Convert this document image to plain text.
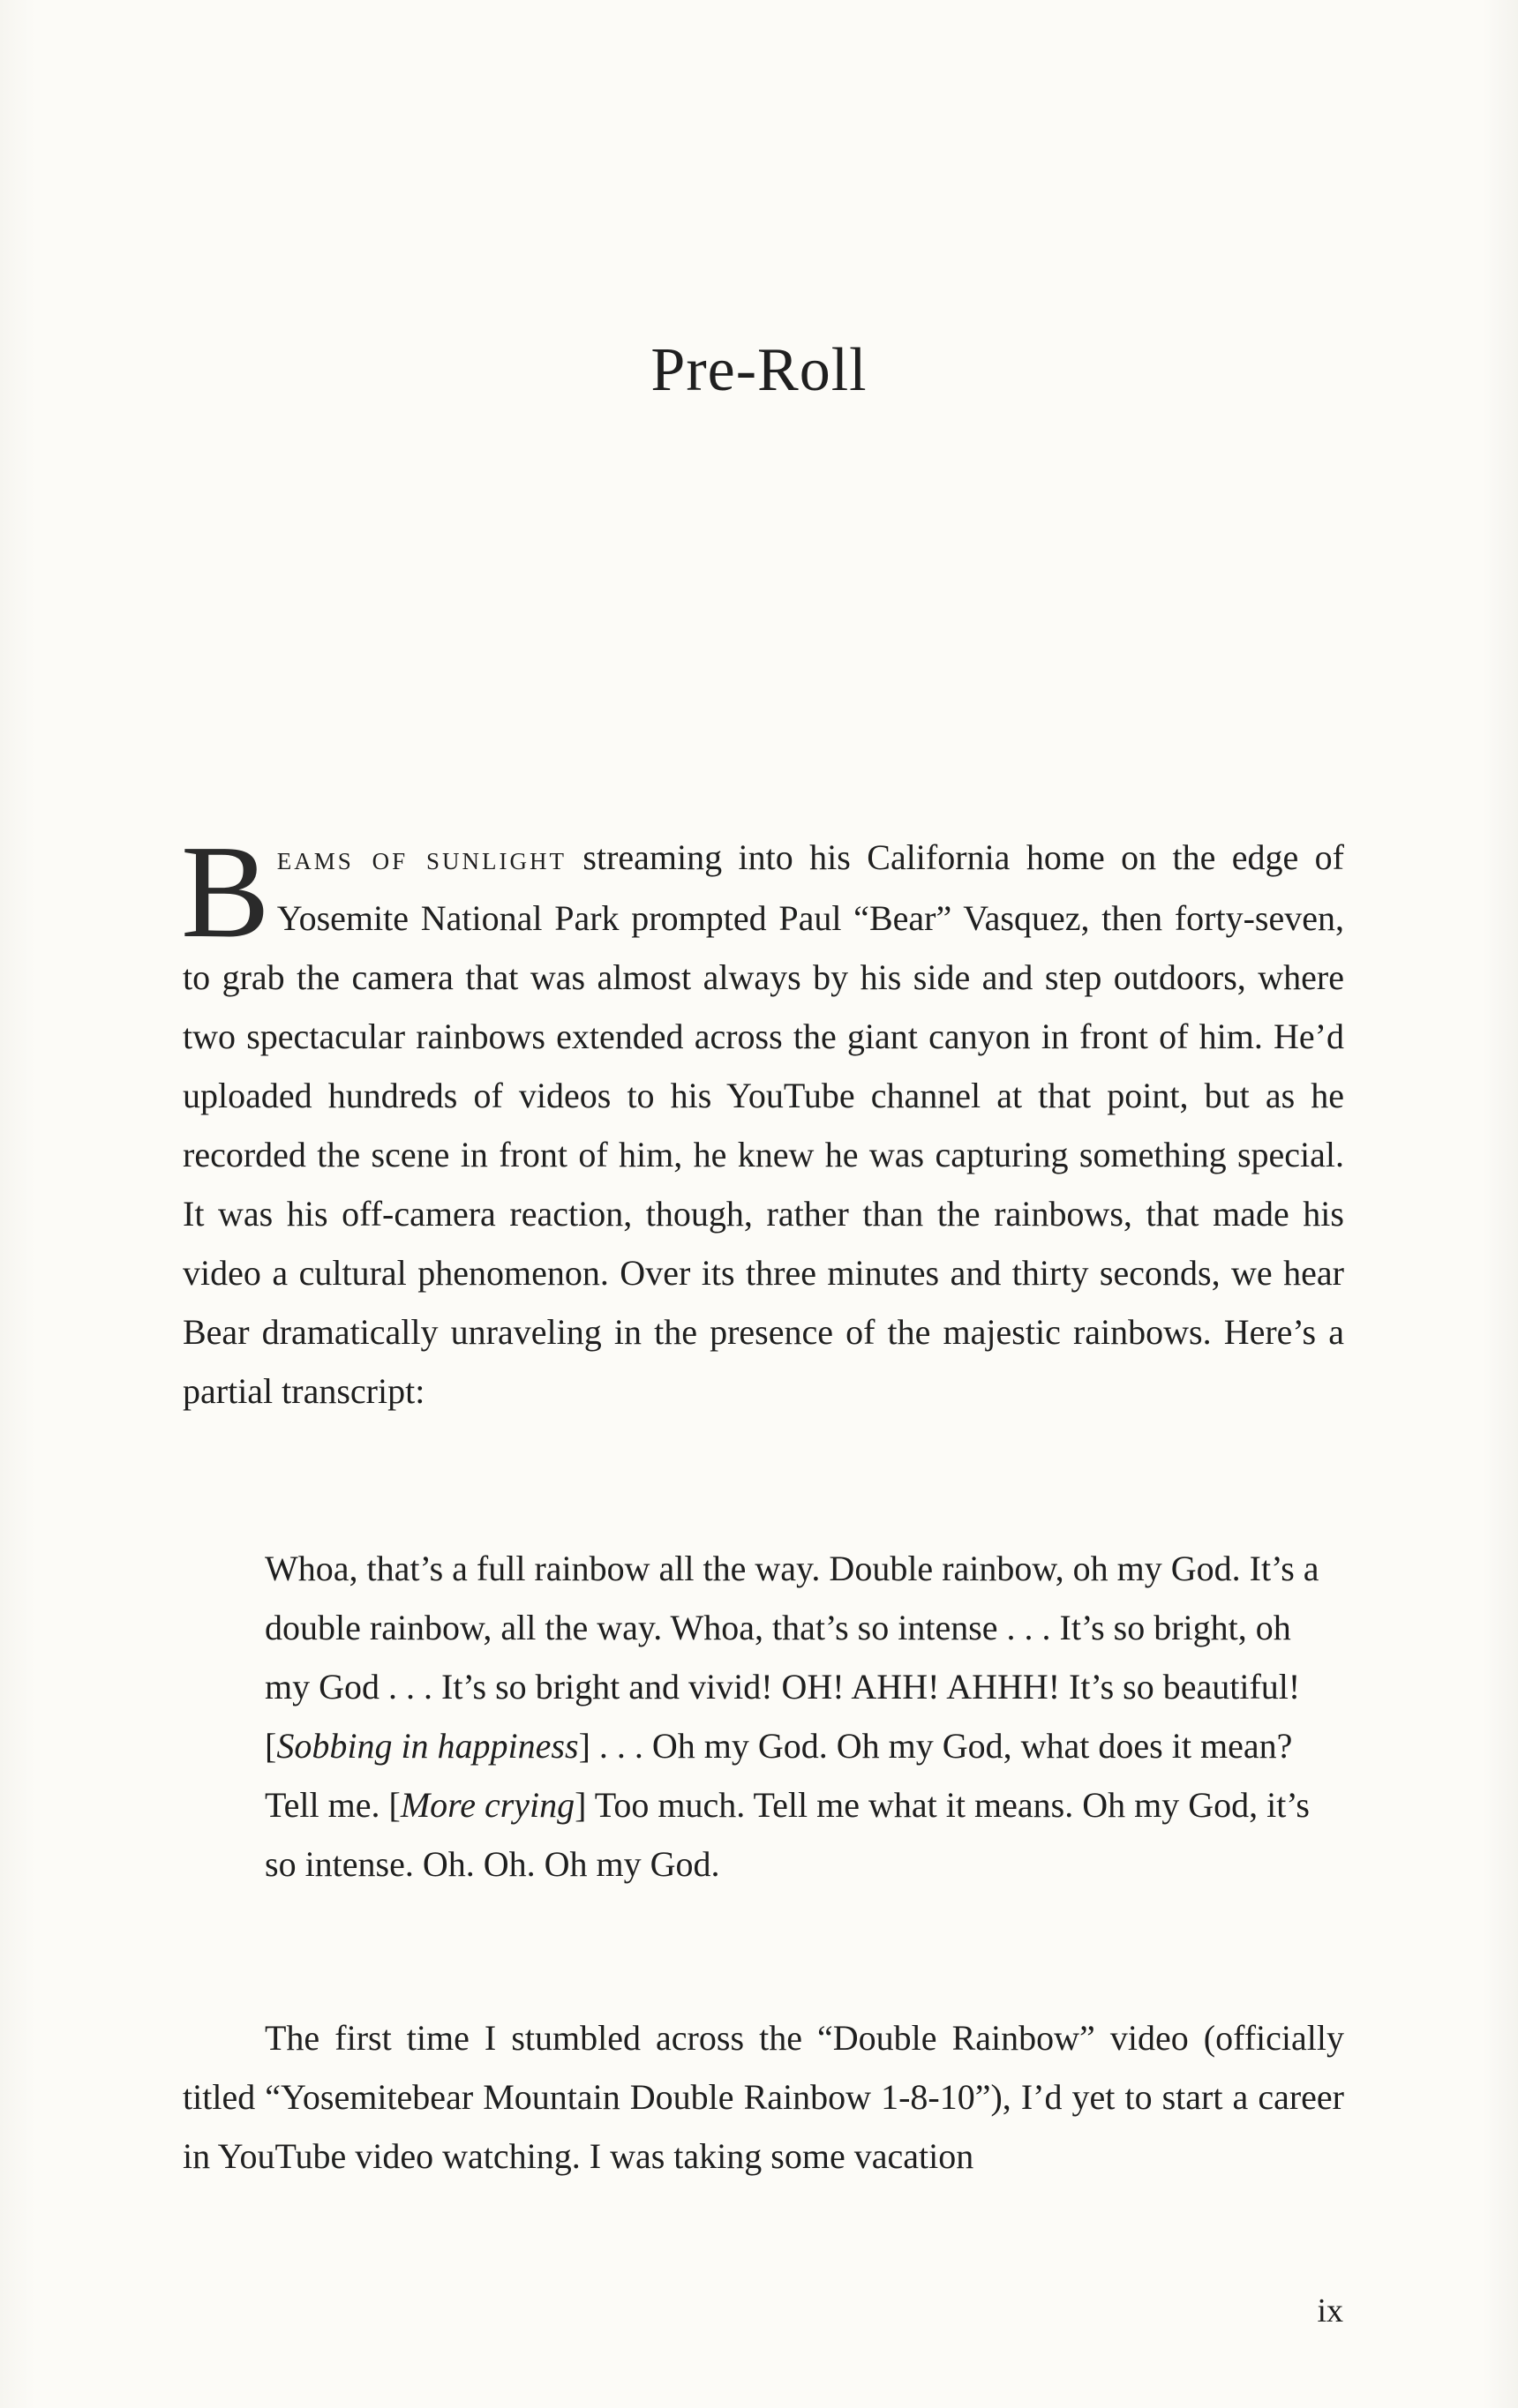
Pre-Roll

Beams of sunlight streaming into his California home on the edge of Yosemite National Park prompted Paul “Bear” Vasquez, then forty-seven, to grab the camera that was almost always by his side and step outdoors, where two spectacular rainbows extended across the giant canyon in front of him. He’d uploaded hundreds of videos to his YouTube channel at that point, but as he recorded the scene in front of him, he knew he was capturing something special. It was his off-camera reaction, though, rather than the rainbows, that made his video a cultural phenomenon. Over its three minutes and thirty seconds, we hear Bear dramatically unraveling in the presence of the majestic rainbows. Here’s a partial transcript:

Whoa, that’s a full rainbow all the way. Double rainbow, oh my God. It’s a double rainbow, all the way. Whoa, that’s so intense . . . It’s so bright, oh my God . . . It’s so bright and vivid! OH! AHH! AHHH! It’s so beautiful! [Sobbing in happiness] . . . Oh my God. Oh my God, what does it mean? Tell me. [More crying] Too much. Tell me what it means. Oh my God, it’s so intense. Oh. Oh. Oh my God.

The first time I stumbled across the “Double Rainbow” video (officially titled “Yosemitebear Mountain Double Rainbow 1-8-10”), I’d yet to start a career in YouTube video watching. I was taking some vacation

ix
